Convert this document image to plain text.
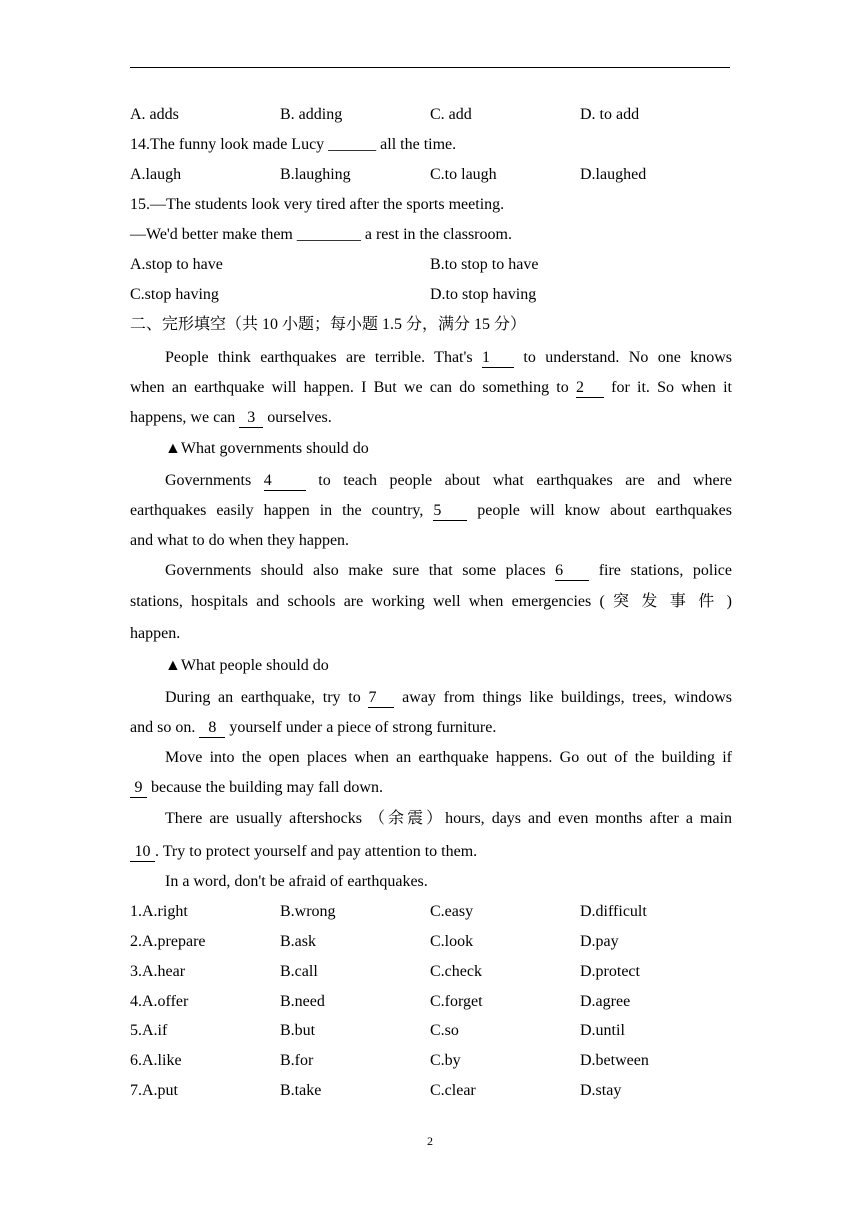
A. adds	B. adding	C. add	D. to add
14.The funny look made Lucy ______ all the time.
A.laugh	B.laughing	C.to laugh	D.laughed
15.—The students look very tired after the sports meeting.
—We'd better make them ________ a rest in the classroom.
A.stop to have	B.to stop to have
C.stop having	D.to stop having
二、完形填空（共 10 小题；每小题 1.5 分，满分 15 分）
People think earthquakes are terrible. That's 1 to understand. No one knows
when an earthquake will happen. I But we can do something to 2 for it. So when it
happens, we can 3 ourselves.
▲What governments should do
Governments 4 to teach people about what earthquakes are and where
earthquakes easily happen in the country, 5 people will know about earthquakes
and what to do when they happen.
Governments should also make sure that some places 6 fire stations, police
stations, hospitals and schools are working well when emergencies ( 突 发 事 件 )
happen.
▲What people should do
During an earthquake, try to 7 away from things like buildings, trees, windows
and so on. 8 yourself under a piece of strong furniture.
Move into the open places when an earthquake happens. Go out of the building if
9 because the building may fall down.
There are usually aftershocks （余震）hours, days and even months after a main
10 . Try to protect yourself and pay attention to them.
In a word, don't be afraid of earthquakes.
1.A.right	B.wrong	C.easy	D.difficult
2.A.prepare	B.ask	C.look	D.pay
3.A.hear	B.call	C.check	D.protect
4.A.offer	B.need	C.forget	D.agree
5.A.if	B.but	C.so	D.until
6.A.like	B.for	C.by	D.between
7.A.put	B.take	C.clear	D.stay
2
